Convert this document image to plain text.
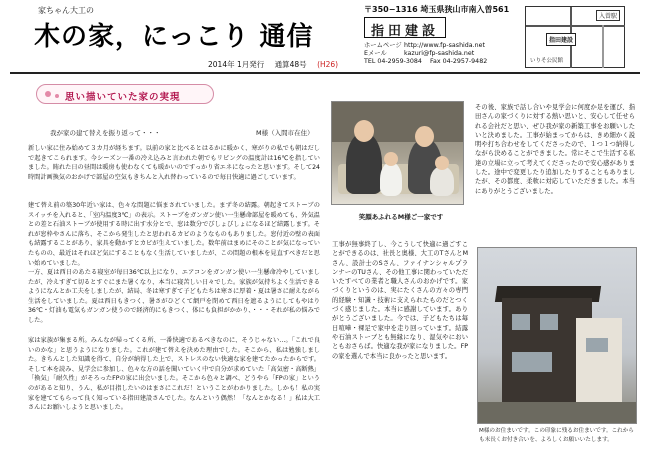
家ちゃん大工の
木の家，にっこり 通信
2014年 1月発行 通算48号 (H26)
〒350−1316 埼玉県狭山市南入曽561
指田建設
ホームページ http://www.fp-sashida.net
Eメール	kazuri@fp-sashida.net
TEL 04-2959-3084 Fax 04-2957-9482
入曽駅
指田建設
いりそ公民館
思い描いていた家の実現
我が家の建て替えを振り返って・・・	M様（入間市在住）
新しい家に住み始めて３カ月が経ちます。以前の家と比べるとはるかに暖かく、寒がりの私でも朝はだしで起きてこられます。今シーズン一番の冷え込みと言われた朝でもリビングの温度計は16℃を指していました。賄れた日の昼間は暖房も使わなくても暖かいのですっかり省エネになったと思います。そして24時間計画換気のおかげで部屋の空気もきちんと入れ替わっているので毎日快適に過ごしています。
建て替え前の築30年近い家は、色々な問題に悩まされていました。まず冬の結露。朝起きてストーブのスイッチを入れると、「室内温度3℃」の表示。ストーブをガンガン使い一生懸命部屋を暖めても、外気温との差と石油ストーブが使用する時に出す水分とで、窓は数分でびしょびしょになるほど結露します。それが窓枠やさんに落ち、そこから発生したと思われるカビのようなものもありました。窓付近の壁の表面も結露することがあり、家具を動かすとカビが生えていました。数年前はまめにそのことが気になっていたものの、最近はそれほど気にすることもなく生活していましたが、この問題の根本を見直すべきだと思い始めていました。
一方、夏は西日のあたる寝室が毎日36℃以上になり、エアコンをガンガン使い一生懸命冷やしていましたが、冷えすぎて切るとすぐにまた暑くなり、本当に寝苦しい日々でした。家族が気持ちよく生活できるようになんとか工夫をしましたが、結局、冬は寒すぎて子どもたちは寒さに厚着・夏は暑さに耐えながら生活をしていました。夏は西日もきつく、暑さがひどくて網戸を閉めて西日を遮るようにしてもやはり36℃・灯油も電気もガンガン使うので経済的にもきつく、体にも負担がかかり、・・・それが私の悩みでした。
家は家族が集まる所。みんなが帰ってくる所、一番快適であるべきなのに、そうじゃない…。「これで良いのかな」と思うようになりました。これが建て替えを決めた理由でした。そこから、私は勉強しました。きちんとした知識を得て、自分が納得した上で、ストレスのない快適な家を建てたかったからです。そして本を読み、見学会に参加し、色々な方の話を聞いていく中で自分が求めていた「高気密・高断熱」「換気」「耐久性」がそろったFPの家に出会いました。そこから色々と調べ、どうやら「FPの家」というのがあると知り、うん、私が目指したいのはまさにこれだ！ということがわかりました。しかも！私の実家を建ててもらって良く知っている指田建設さんでした。なんという偶然！「なんとかなる！」私は大工さんにお願いしようと思いました。
笑顔あふれるM様ご一家です
その後、家族で話し合いや見学会に何度か足を運び、指田さんの家づくりに対する熱い思いと、安心して任せられる会社だと思い、ぜひ我が家の新築工事をお願いしたいと決めました。工事が始まってからは、きめ細かく説明や打ち合わせをしてくださったので、１つ１つ納得しながら決めることができました。常にそこで生活する私達の立場に立って考えてくださったので安心感がありました。途中で変更したり追加したりすることもありましたが、その都度、柔軟に対応していただきました。本当にありがとうございました。
工事が無事終了し、今こうして快適に過ごすことができるのは、社長と奥様、大工のTさんとMさん、設計士のSさん、ファイナンシャルプランナーのTUさん、その他工事に関わっていただいたすべての業者と職人さんのおかげです。家づくりというのは、実にたくさんの方々の専門的経験・知識・技術に支えられたものだとつくづく感じました。本当に感謝しています。ありがとうございました。今では、子どもたちは毎日喧嘩・裸足で家中を走り回っています。結露や石油ストーブとも無縁になり、湿気やにおいともおさらば。快適な我が家になりました。FPの家を選んで本当に良かったと思います。
M様のお住まいです。この印象に残るお住まいです。これからも末長くお付き合いを、よろしくお願いいたします。
